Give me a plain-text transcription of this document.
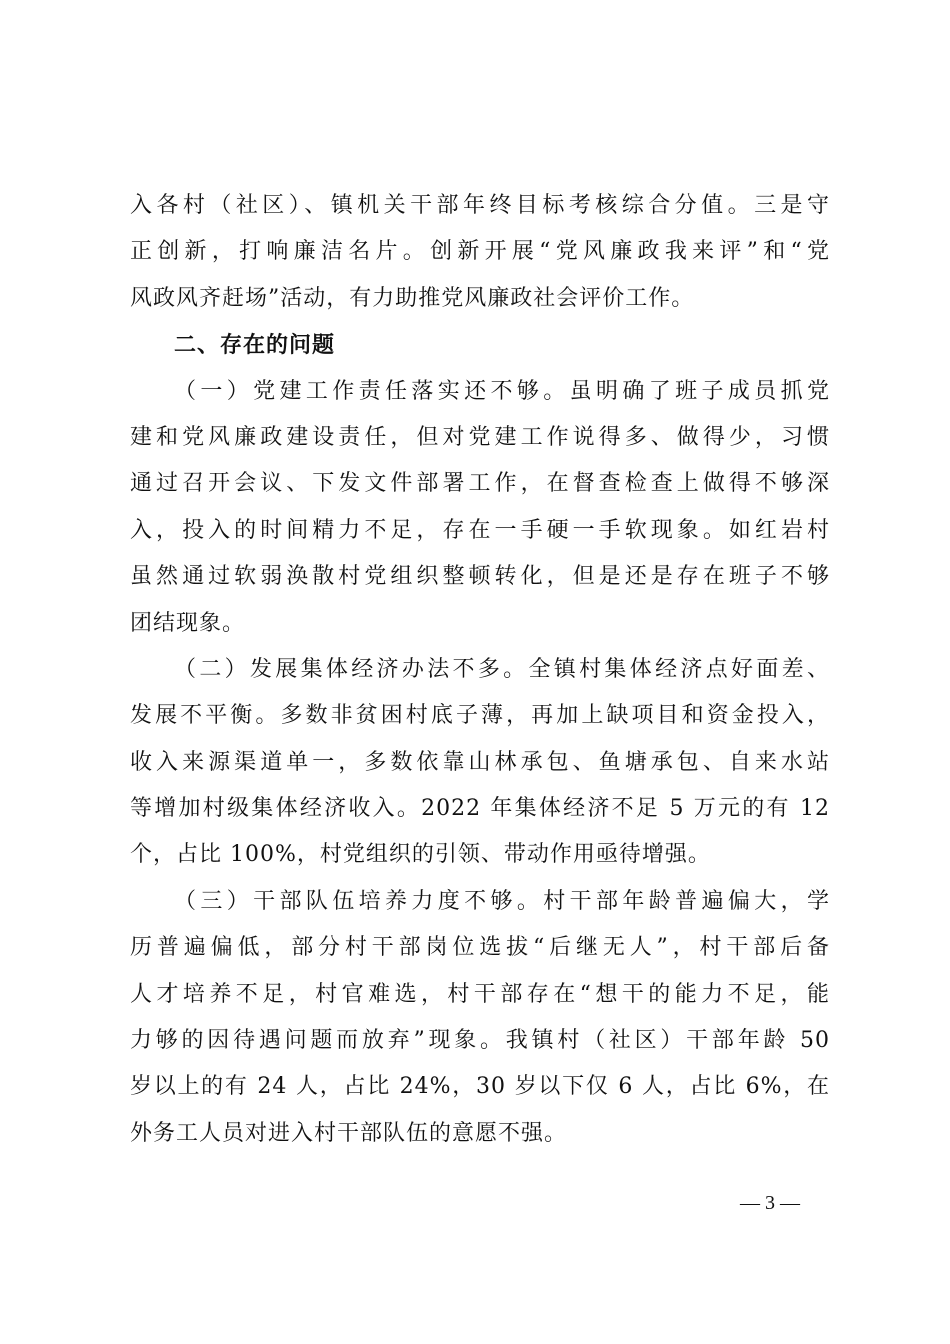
入各村（社区）、镇机关干部年终目标考核综合分值。三是守
正创新，打响廉洁名片。创新开展“党风廉政我来评”和“党
风政风齐赶场”活动，有力助推党风廉政社会评价工作。
二、存在的问题
（一）党建工作责任落实还不够。虽明确了班子成员抓党
建和党风廉政建设责任，但对党建工作说得多、做得少，习惯
通过召开会议、下发文件部署工作，在督查检查上做得不够深
入，投入的时间精力不足，存在一手硬一手软现象。如红岩村
虽然通过软弱涣散村党组织整顿转化，但是还是存在班子不够
团结现象。
（二）发展集体经济办法不多。全镇村集体经济点好面差、
发展不平衡。多数非贫困村底子薄，再加上缺项目和资金投入，
收入来源渠道单一，多数依靠山林承包、鱼塘承包、自来水站
等增加村级集体经济收入。2022 年集体经济不足 5 万元的有 12
个，占比 100%，村党组织的引领、带动作用亟待增强。
（三）干部队伍培养力度不够。村干部年龄普遍偏大，学
历普遍偏低，部分村干部岗位选拔“后继无人”，村干部后备
人才培养不足，村官难选，村干部存在“想干的能力不足，能
力够的因待遇问题而放弃”现象。我镇村（社区）干部年龄 50
岁以上的有 24 人，占比 24%，30 岁以下仅 6 人，占比 6%，在
外务工人员对进入村干部队伍的意愿不强。
— 3 —
